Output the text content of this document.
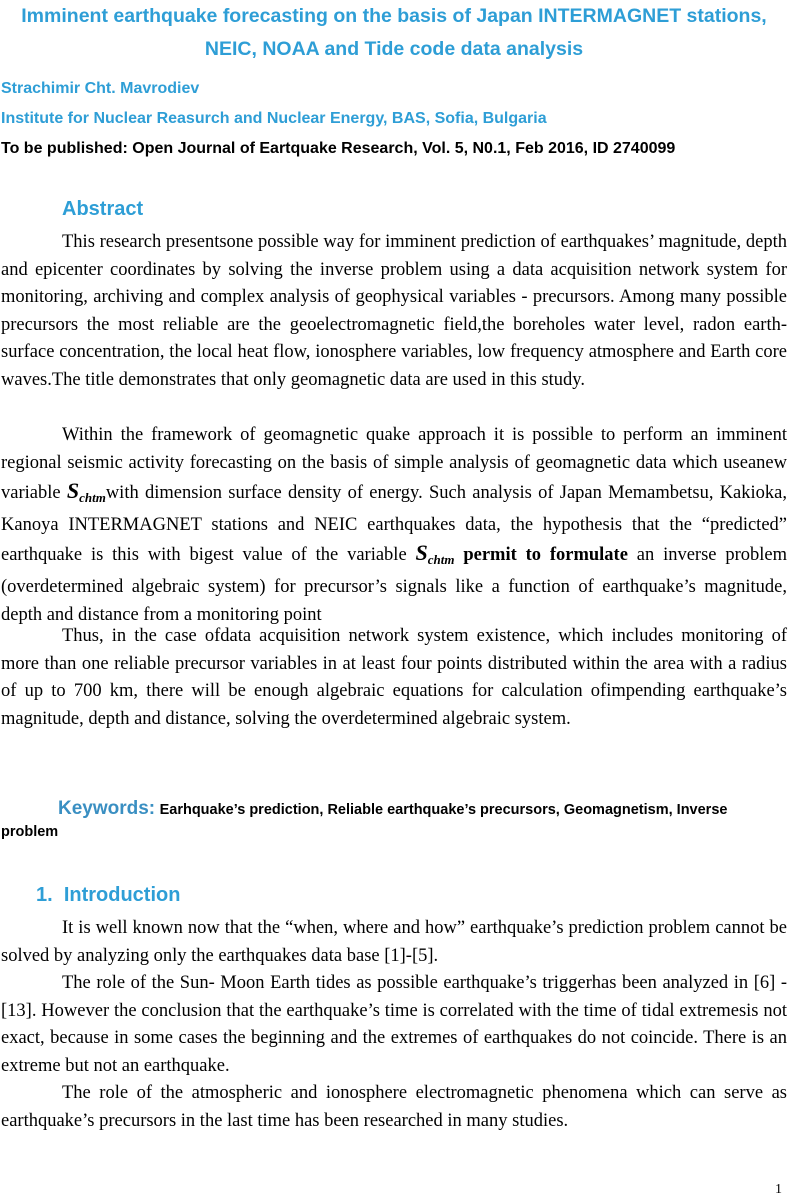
Imminent earthquake forecasting on the basis of Japan INTERMAGNET stations, NEIC, NOAA and Tide code data analysis
Strachimir Cht. Mavrodiev
Institute for Nuclear Reasurch and Nuclear Energy, BAS, Sofia, Bulgaria
To be published: Open Journal of Eartquake Research, Vol. 5, N0.1, Feb 2016, ID 2740099
Abstract

This research presentsone possible way for imminent prediction of earthquakes’ magnitude, depth and epicenter coordinates by solving the inverse problem using a data acquisition network system for monitoring, archiving and complex analysis of geophysical variables - precursors. Among many possible precursors the most reliable are the geoelectromagnetic field,the boreholes water level, radon earth-surface concentration, the local heat flow, ionosphere variables, low frequency atmosphere and Earth core waves.The title demonstrates that only geomagnetic data are used in this study.

Within the framework of geomagnetic quake approach it is possible to perform an imminent regional seismic activity forecasting on the basis of simple analysis of geomagnetic data which useanew variable $S_{chtm}with$ dimension surface density of energy. Such analysis of Japan Memambetsu, Kakioka, Kanoya INTERMAGNET stations and NEIC earthquakes data, the hypothesis that the “predicted” earthquake is this with bigest value of the variable $S_{chtm}$ permit to formulate an inverse problem (overdetermined algebraic system) for precursor’s signals like a function of earthquake’s magnitude, depth and distance from a monitoring point

Thus, in the case ofdata acquisition network system existence, which includes monitoring of more than one reliable precursor variables in at least four points distributed within the area with a radius of up to 700 km, there will be enough algebraic equations for calculation ofimpending earthquake’s magnitude, depth and distance, solving the overdetermined algebraic system.

Keywords: Earhquake’s prediction, Reliable earthquake’s precursors, Geomagnetism, Inverse problem
1. Introduction

It is well known now that the “when, where and how” earthquake’s prediction problem cannot be solved by analyzing only the earthquakes data base [1]-[5].

The role of the Sun- Moon Earth tides as possible earthquake’s triggerhas been analyzed in [6] - [13]. However the conclusion that the earthquake’s time is correlated with the time of tidal extremesis not exact, because in some cases the beginning and the extremes of earthquakes do not coincide. There is an extreme but not an earthquake.

The role of the atmospheric and ionosphere electromagnetic phenomena which can serve as earthquake’s precursors in the last time has been researched in many studies.

1
